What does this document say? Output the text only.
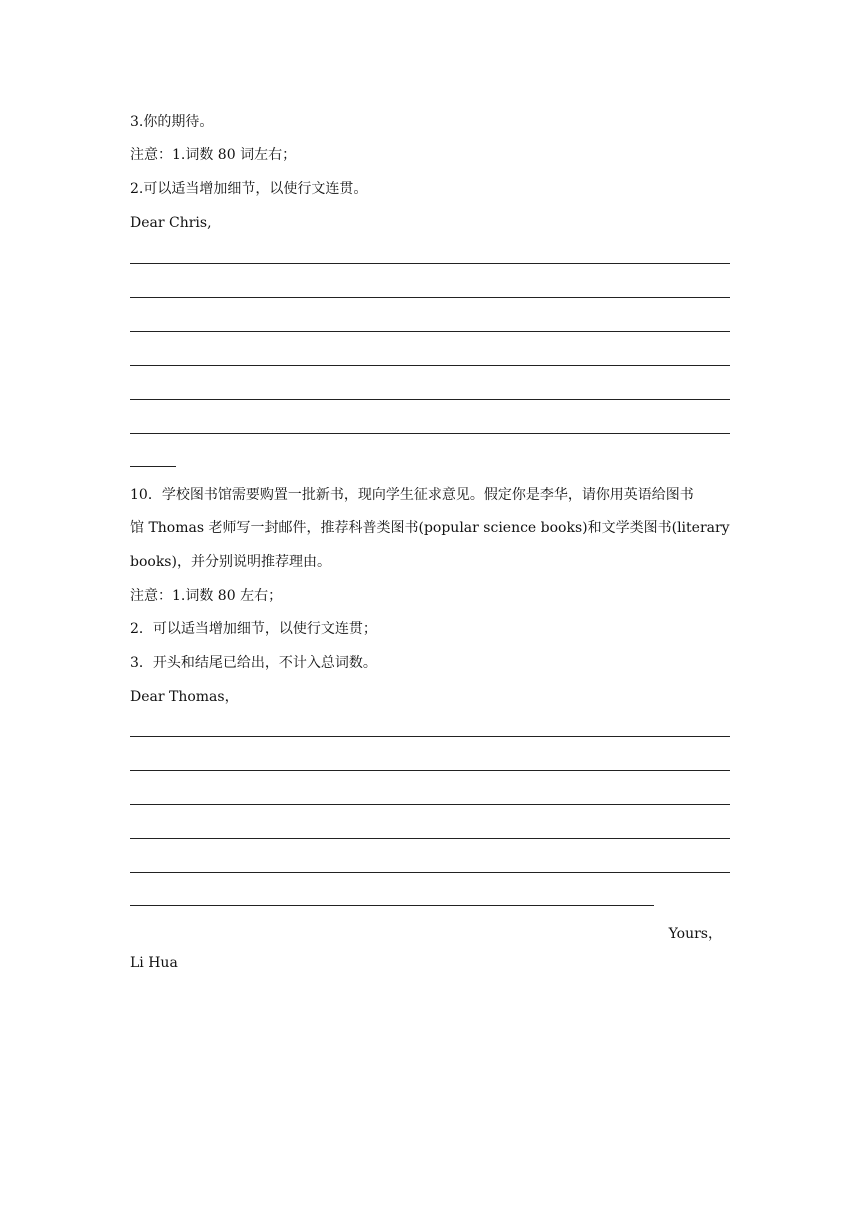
3.你的期待。
注意：1.词数 80 词左右；
2.可以适当增加细节，以使行文连贯。
Dear Chris,
10．学校图书馆需要购置一批新书，现向学生征求意见。假定你是李华，请你用英语给图书
馆 Thomas 老师写一封邮件，推荐科普类图书(popular science books)和文学类图书(literary
books)，并分别说明推荐理由。
注意：1.词数 80 左右；
2．可以适当增加细节，以使行文连贯；
3．开头和结尾已给出，不计入总词数。
Dear Thomas，
Yours，
Li Hua
